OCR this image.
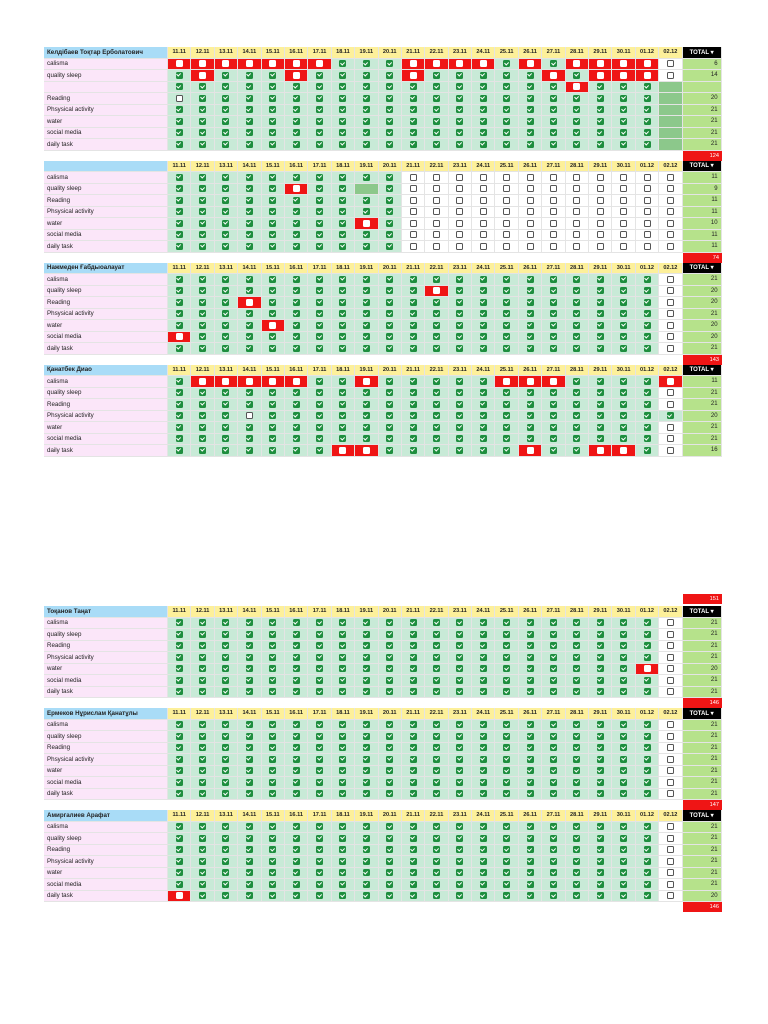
Келдібаев Тоқтар Ерболатович	11.11	12.11	13.11	14.11	15.11	16.11	17.11	18.11	19.11	20.11	21.11	22.11	23.11	24.11	25.11	26.11	27.11	28.11	29.11	30.11	01.12	02.12	TOTAL ▾
calisma	6
quality sleep	14
Reading	20
Phsysical activity	21
water	21
social media	21
daily task	21
124
11.11	12.11	13.11	14.11	15.11	16.11	17.11	18.11	19.11	20.11	21.11	22.11	23.11	24.11	25.11	26.11	27.11	28.11	29.11	30.11	01.12	02.12	TOTAL ▾
calisma	11
quality sleep	9
Reading	11
Phsysical activity	11
water	10
social media	11
daily task	11
74
Нажмеден Ғабдыоалауат	11.11	12.11	13.11	14.11	15.11	16.11	17.11	18.11	19.11	20.11	21.11	22.11	23.11	24.11	25.11	26.11	27.11	28.11	29.11	30.11	01.12	02.12	TOTAL ▾
calisma	21
quality sleep	20
Reading	20
Phsysical activity	21
water	20
social media	20
daily task	21
143
Қанатбек Диао	11.11	12.11	13.11	14.11	15.11	16.11	17.11	18.11	19.11	20.11	21.11	22.11	23.11	24.11	25.11	26.11	27.11	28.11	29.11	30.11	01.12	02.12	TOTAL ▾
calisma	11
quality sleep	21
Reading	21
Phsysical activity	20
water	21
social media	21
daily task	16
151
Тоқанов Таңат	11.11	12.11	13.11	14.11	15.11	16.11	17.11	18.11	19.11	20.11	21.11	22.11	23.11	24.11	25.11	26.11	27.11	28.11	29.11	30.11	01.12	02.12	TOTAL ▾
calisma	21
quality sleep	21
Reading	21
Phsysical activity	21
water	20
social media	21
daily task	21
146
Ермеков Нұрислам Қанатұлы	11.11	12.11	13.11	14.11	15.11	16.11	17.11	18.11	19.11	20.11	21.11	22.11	23.11	24.11	25.11	26.11	27.11	28.11	29.11	30.11	01.12	02.12	TOTAL ▾
calisma	21
quality sleep	21
Reading	21
Phsysical activity	21
water	21
social media	21
daily task	21
147
Амиргалиев Арафат	11.11	12.11	13.11	14.11	15.11	16.11	17.11	18.11	19.11	20.11	21.11	22.11	23.11	24.11	25.11	26.11	27.11	28.11	29.11	30.11	01.12	02.12	TOTAL ▾
calisma	21
quality sleep	21
Reading	21
Phsysical activity	21
water	21
social media	21
daily task	20
146
